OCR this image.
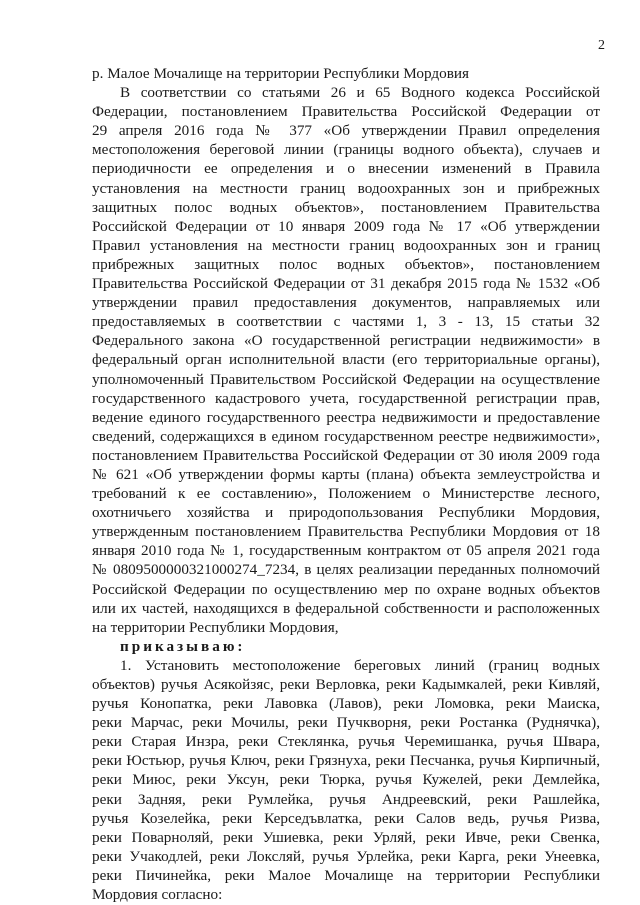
2
р. Малое Мочалище на территории Республики Мордовия
В соответствии со статьями 26 и 65 Водного кодекса Российской
Федерации, постановлением Правительства Российской Федерации от
29 апреля 2016 года № 377 «Об утверждении Правил определения
местоположения береговой линии (границы водного объекта), случаев и
периодичности ее определения и о внесении изменений в Правила
установления на местности границ водоохранных зон и прибрежных
защитных полос водных объектов», постановлением Правительства
Российской Федерации от 10 января 2009 года № 17 «Об утверждении
Правил установления на местности границ водоохранных зон и границ
прибрежных защитных полос водных объектов», постановлением
Правительства Российской Федерации от 31 декабря 2015 года № 1532 «Об
утверждении правил предоставления документов, направляемых или
предоставляемых в соответствии с частями 1, 3 - 13, 15 статьи 32
Федерального закона «О государственной регистрации недвижимости» в
федеральный орган исполнительной власти (его территориальные органы),
уполномоченный Правительством Российской Федерации на осуществление
государственного кадастрового учета, государственной регистрации прав,
ведение единого государственного реестра недвижимости и предоставление
сведений, содержащихся в едином государственном реестре недвижимости»,
постановлением Правительства Российской Федерации от 30 июля 2009 года
№ 621 «Об утверждении формы карты (плана) объекта землеустройства и
требований к ее составлению», Положением о Министерстве лесного,
охотничьего хозяйства и природопользования Республики Мордовия,
утвержденным постановлением Правительства Республики Мордовия от 18
января 2010 года № 1, государственным контрактом от 05 апреля 2021 года
№ 0809500000321000274_7234, в целях реализации переданных полномочий
Российской Федерации по осуществлению мер по охране водных объектов
или их частей, находящихся в федеральной собственности и расположенных
на территории Республики Мордовия,
приказываю:
1. Установить местоположение береговых линий (границ водных
объектов) ручья Асякойзяс, реки Верловка, реки Кадымкалей, реки Кивляй,
ручья Конопатка, реки Лавовка (Лавов), реки Ломовка, реки Маиска,
реки Марчас, реки Мочилы, реки Пучкворня, реки Ростанка (Руднячка),
реки Старая Инзра, реки Стеклянка, ручья Черемишанка, ручья Швара,
реки Юстьюр, ручья Ключ, реки Грязнуха, реки Песчанка, ручья Кирпичный,
реки Миюс, реки Уксун, реки Тюрка, ручья Кужелей, реки Демлейка,
реки Задняя, реки Румлейка, ручья Андреевский, реки Рашлейка,
ручья Козелейка, реки Керседъвлатка, реки Салов ведь, ручья Ризва,
реки Поварноляй, реки Ушиевка, реки Урляй, реки Ивче, реки Свенка,
реки Учакодлей, реки Локсляй, ручья Урлейка, реки Карга, реки Унеевка,
реки Пичинейка, реки Малое Мочалище на территории Республики
Мордовия согласно:
